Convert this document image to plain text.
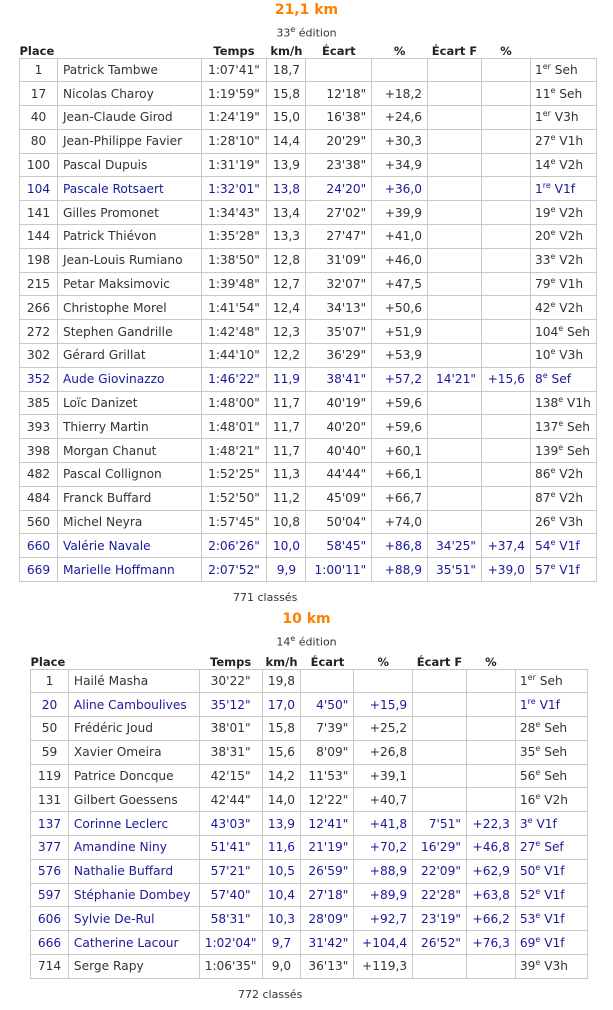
21,1 km
33e édition
Place		Temps	km/h	Écart	%	Écart F	%	
1	Patrick Tambwe	1:07'41"	18,7					1er Seh
17	Nicolas Charoy	1:19'59"	15,8	12'18"	+18,2			11e Seh
40	Jean-Claude Girod	1:24'19"	15,0	16'38"	+24,6			1er V3h
80	Jean-Philippe Favier	1:28'10"	14,4	20'29"	+30,3			27e V1h
100	Pascal Dupuis	1:31'19"	13,9	23'38"	+34,9			14e V2h
104	Pascale Rotsaert	1:32'01"	13,8	24'20"	+36,0			1re V1f
141	Gilles Promonet	1:34'43"	13,4	27'02"	+39,9			19e V2h
144	Patrick Thiévon	1:35'28"	13,3	27'47"	+41,0			20e V2h
198	Jean-Louis Rumiano	1:38'50"	12,8	31'09"	+46,0			33e V2h
215	Petar Maksimovic	1:39'48"	12,7	32'07"	+47,5			79e V1h
266	Christophe Morel	1:41'54"	12,4	34'13"	+50,6			42e V2h
272	Stephen Gandrille	1:42'48"	12,3	35'07"	+51,9			104e Seh
302	Gérard Grillat	1:44'10"	12,2	36'29"	+53,9			10e V3h
352	Aude Giovinazzo	1:46'22"	11,9	38'41"	+57,2	14'21"	+15,6	8e Sef
385	Loïc Danizet	1:48'00"	11,7	40'19"	+59,6			138e V1h
393	Thierry Martin	1:48'01"	11,7	40'20"	+59,6			137e Seh
398	Morgan Chanut	1:48'21"	11,7	40'40"	+60,1			139e Seh
482	Pascal Collignon	1:52'25"	11,3	44'44"	+66,1			86e V2h
484	Franck Buffard	1:52'50"	11,2	45'09"	+66,7			87e V2h
560	Michel Neyra	1:57'45"	10,8	50'04"	+74,0			26e V3h
660	Valérie Navale	2:06'26"	10,0	58'45"	+86,8	34'25"	+37,4	54e V1f
669	Marielle Hoffmann	2:07'52"	9,9	1:00'11"	+88,9	35'51"	+39,0	57e V1f
771 classés
10 km
14e édition
Place		Temps	km/h	Écart	%	Écart F	%	
1	Hailé Masha	30'22"	19,8					1er Seh
20	Aline Camboulives	35'12"	17,0	4'50"	+15,9			1re V1f
50	Frédéric Joud	38'01"	15,8	7'39"	+25,2			28e Seh
59	Xavier Omeira	38'31"	15,6	8'09"	+26,8			35e Seh
119	Patrice Doncque	42'15"	14,2	11'53"	+39,1			56e Seh
131	Gilbert Goessens	42'44"	14,0	12'22"	+40,7			16e V2h
137	Corinne Leclerc	43'03"	13,9	12'41"	+41,8	7'51"	+22,3	3e V1f
377	Amandine Niny	51'41"	11,6	21'19"	+70,2	16'29"	+46,8	27e Sef
576	Nathalie Buffard	57'21"	10,5	26'59"	+88,9	22'09"	+62,9	50e V1f
597	Stéphanie Dombey	57'40"	10,4	27'18"	+89,9	22'28"	+63,8	52e V1f
606	Sylvie De-Rul	58'31"	10,3	28'09"	+92,7	23'19"	+66,2	53e V1f
666	Catherine Lacour	1:02'04"	9,7	31'42"	+104,4	26'52"	+76,3	69e V1f
714	Serge Rapy	1:06'35"	9,0	36'13"	+119,3			39e V3h
772 classés
